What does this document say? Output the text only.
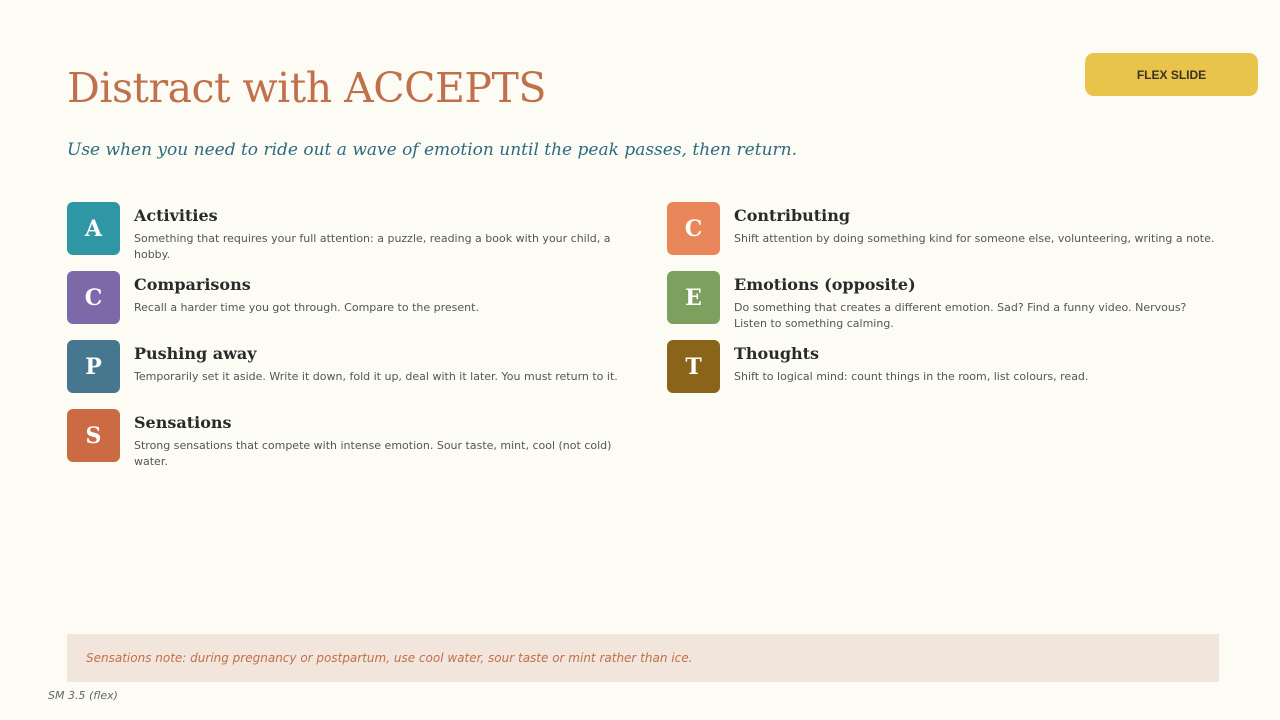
Distract with ACCEPTS	FLEX SLIDE
Use when you need to ride out a wave of emotion until the peak passes, then return.
A	Activities
Something that requires your full attention: a puzzle, reading a book with your child, a hobby.
C	Comparisons
Recall a harder time you got through. Compare to the present.
P	Pushing away
Temporarily set it aside. Write it down, fold it up, deal with it later. You must return to it.
S	Sensations
Strong sensations that compete with intense emotion. Sour taste, mint, cool (not cold) water.
C	Contributing
Shift attention by doing something kind for someone else, volunteering, writing a note.
E	Emotions (opposite)
Do something that creates a different emotion. Sad? Find a funny video. Nervous? Listen to something calming.
T	Thoughts
Shift to logical mind: count things in the room, list colours, read.
Sensations note: during pregnancy or postpartum, use cool water, sour taste or mint rather than ice.
SM 3.5 (flex)
